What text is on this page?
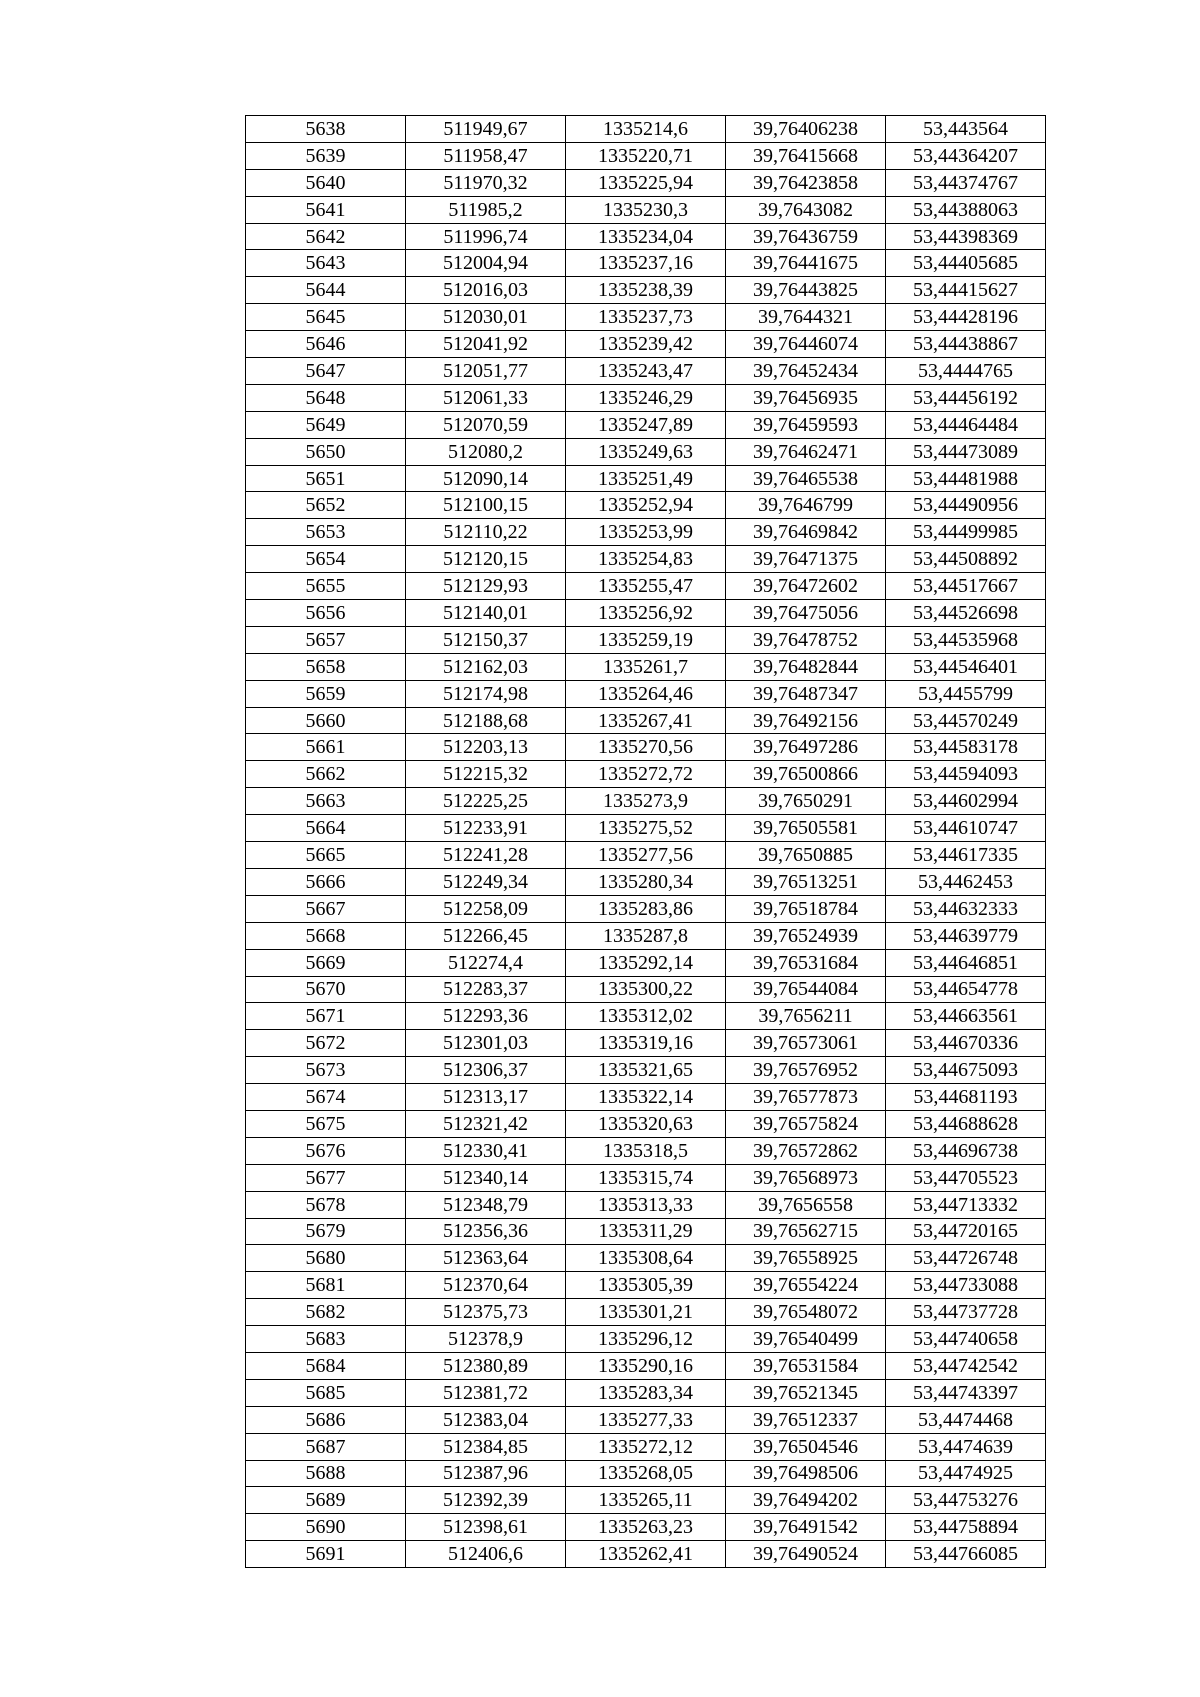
5638	511949,67	1335214,6	39,76406238	53,443564
5639	511958,47	1335220,71	39,76415668	53,44364207
5640	511970,32	1335225,94	39,76423858	53,44374767
5641	511985,2	1335230,3	39,7643082	53,44388063
5642	511996,74	1335234,04	39,76436759	53,44398369
5643	512004,94	1335237,16	39,76441675	53,44405685
5644	512016,03	1335238,39	39,76443825	53,44415627
5645	512030,01	1335237,73	39,7644321	53,44428196
5646	512041,92	1335239,42	39,76446074	53,44438867
5647	512051,77	1335243,47	39,76452434	53,4444765
5648	512061,33	1335246,29	39,76456935	53,44456192
5649	512070,59	1335247,89	39,76459593	53,44464484
5650	512080,2	1335249,63	39,76462471	53,44473089
5651	512090,14	1335251,49	39,76465538	53,44481988
5652	512100,15	1335252,94	39,7646799	53,44490956
5653	512110,22	1335253,99	39,76469842	53,44499985
5654	512120,15	1335254,83	39,76471375	53,44508892
5655	512129,93	1335255,47	39,76472602	53,44517667
5656	512140,01	1335256,92	39,76475056	53,44526698
5657	512150,37	1335259,19	39,76478752	53,44535968
5658	512162,03	1335261,7	39,76482844	53,44546401
5659	512174,98	1335264,46	39,76487347	53,4455799
5660	512188,68	1335267,41	39,76492156	53,44570249
5661	512203,13	1335270,56	39,76497286	53,44583178
5662	512215,32	1335272,72	39,76500866	53,44594093
5663	512225,25	1335273,9	39,7650291	53,44602994
5664	512233,91	1335275,52	39,76505581	53,44610747
5665	512241,28	1335277,56	39,7650885	53,44617335
5666	512249,34	1335280,34	39,76513251	53,4462453
5667	512258,09	1335283,86	39,76518784	53,44632333
5668	512266,45	1335287,8	39,76524939	53,44639779
5669	512274,4	1335292,14	39,76531684	53,44646851
5670	512283,37	1335300,22	39,76544084	53,44654778
5671	512293,36	1335312,02	39,7656211	53,44663561
5672	512301,03	1335319,16	39,76573061	53,44670336
5673	512306,37	1335321,65	39,76576952	53,44675093
5674	512313,17	1335322,14	39,76577873	53,44681193
5675	512321,42	1335320,63	39,76575824	53,44688628
5676	512330,41	1335318,5	39,76572862	53,44696738
5677	512340,14	1335315,74	39,76568973	53,44705523
5678	512348,79	1335313,33	39,7656558	53,44713332
5679	512356,36	1335311,29	39,76562715	53,44720165
5680	512363,64	1335308,64	39,76558925	53,44726748
5681	512370,64	1335305,39	39,76554224	53,44733088
5682	512375,73	1335301,21	39,76548072	53,44737728
5683	512378,9	1335296,12	39,76540499	53,44740658
5684	512380,89	1335290,16	39,76531584	53,44742542
5685	512381,72	1335283,34	39,76521345	53,44743397
5686	512383,04	1335277,33	39,76512337	53,4474468
5687	512384,85	1335272,12	39,76504546	53,4474639
5688	512387,96	1335268,05	39,76498506	53,4474925
5689	512392,39	1335265,11	39,76494202	53,44753276
5690	512398,61	1335263,23	39,76491542	53,44758894
5691	512406,6	1335262,41	39,76490524	53,44766085
